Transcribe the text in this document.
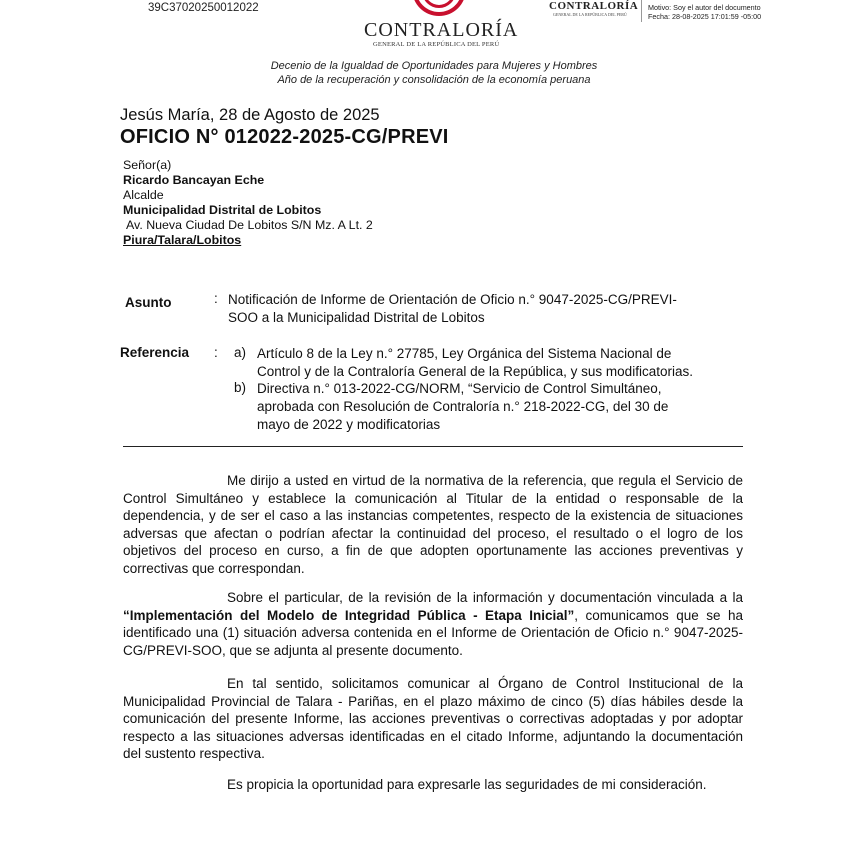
39C37020250012022
CONTRALORÍA
GENERAL DE LA REPÚBLICA DEL PERÚ
CONTRALORÍA
GENERAL DE LA REPÚBLICA DEL PERÚ
Motivo: Soy el autor del documento
Fecha: 28-08-2025 17:01:59 -05:00
Decenio de la Igualdad de Oportunidades para Mujeres y Hombres
Año de la recuperación y consolidación de la economía peruana
Jesús María, 28 de Agosto de 2025
OFICIO N° 012022-2025-CG/PREVI
Señor(a)
Ricardo Bancayan Eche
Alcalde
Municipalidad Distrital de Lobitos
Av. Nueva Ciudad De Lobitos S/N Mz. A Lt. 2
Piura/Talara/Lobitos
Asunto	: Notificación de Informe de Orientación de Oficio n.° 9047-2025-CG/PREVI-
SOO a la Municipalidad Distrital de Lobitos
Referencia : a) Artículo 8 de la Ley n.° 27785, Ley Orgánica del Sistema Nacional de
Control y de la Contraloría General de la República, y sus modificatorias.
b) Directiva n.° 013-2022-CG/NORM, “Servicio de Control Simultáneo,
aprobada con Resolución de Contraloría n.° 218-2022-CG, del 30 de
mayo de 2022 y modificatorias
Me dirijo a usted en virtud de la normativa de la referencia, que regula el Servicio de Control Simultáneo y establece la comunicación al Titular de la entidad o responsable de la dependencia, y de ser el caso a las instancias competentes, respecto de la existencia de situaciones adversas que afectan o podrían afectar la continuidad del proceso, el resultado o el logro de los objetivos del proceso en curso, a fin de que adopten oportunamente las acciones preventivas y correctivas que correspondan.
Sobre el particular, de la revisión de la información y documentación vinculada a la “Implementación del Modelo de Integridad Pública - Etapa Inicial”, comunicamos que se ha identificado una (1) situación adversa contenida en el Informe de Orientación de Oficio n.° 9047-2025-CG/PREVI-SOO, que se adjunta al presente documento.
En tal sentido, solicitamos comunicar al Órgano de Control Institucional de la Municipalidad Provincial de Talara - Pariñas, en el plazo máximo de cinco (5) días hábiles desde la comunicación del presente Informe, las acciones preventivas o correctivas adoptadas y por adoptar respecto a las situaciones adversas identificadas en el citado Informe, adjuntando la documentación del sustento respectiva.
Es propicia la oportunidad para expresarle las seguridades de mi consideración.
